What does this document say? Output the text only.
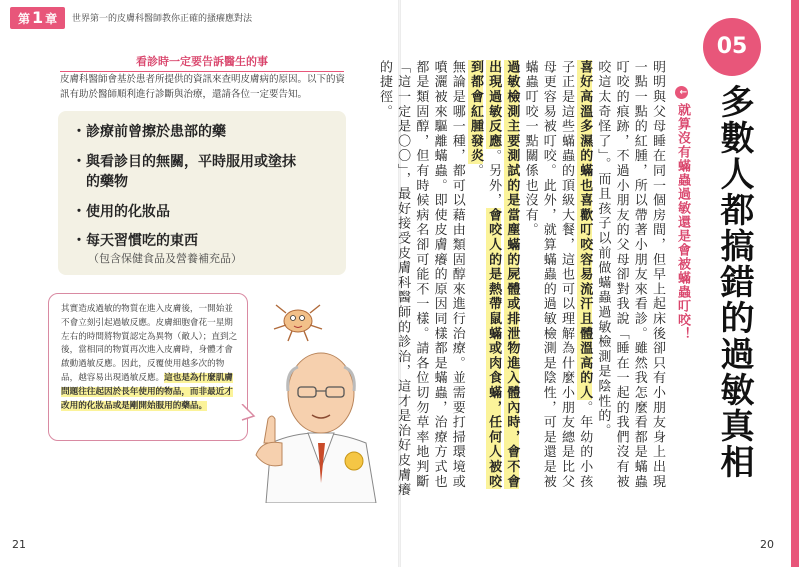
第 1 章	世界第一的皮膚科醫師教你正確的搔癢應對法
看診時一定要告訴醫生的事
皮膚科醫師會基於患者所提供的資訊來查明皮膚病的原因。以下的資訊有助於醫師順利進行診斷與治療，還請各位一定要告知。
・診療前曾擦於患部的藥
・與看診目的無關，平時服用或塗抹
的藥物
・使用的化妝品
・每天習慣吃的東西
（包含保健食品及營養補充品）
其實造成過敏的物質在進入皮膚後，一開始並不會立刻引起過敏反應。皮膚細胞會花一星期左右的時間將物質認定為異物（敵人）；直到之後，當相同的物質再次進入皮膚時，身體才會啟動過敏反應。因此，反覆使用越多次的物品，越容易出現過敏反應。這也是為什麼肌膚問題往往起因於長年使用的物品，而非最近才改用的化妝品或是剛開始服用的藥品。
21
05
多數人都搞錯的過敏真相
↓就算沒有蟎蟲過敏還是會被蟎蟲叮咬！
明明與父母睡在同一個房間，但早上起床後卻只有小朋友身上出現一點一點的紅腫，所以帶著小朋友來看診。雖然我怎麼看都是蟎蟲叮咬的痕跡，不過小朋友的父母卻對我說「睡在一起的我們沒有被咬這太奇怪了」。而且孩子以前做蟎蟲過敏檢測是陰性的。
喜好高溫多濕的蟎也喜歡叮咬容易流汗且體溫高的人。年幼的小孩子正是這些蟎蟲的頂級大餐，這也可以理解為什麼小朋友總是比父母更容易被叮咬。此外，就算蟎蟲的過敏檢測是陰性，可是還是被蟎蟲叮咬一點關係也沒有。
過敏檢測主要測試的是當塵蟎的屍體或排泄物進入體內時，會不會出現過敏反應。另外，會咬人的是熱帶鼠蟎或肉食蟎，任何人被咬到都會紅腫發炎。
無論是哪一種，都可以藉由類固醇來進行治療。並需要打掃環境或噴灑被來驅離蟎蟲。即使皮膚癢的原因同樣都是蟎蟲，治療方式也都是類固醇，但有時候病名卻可能不一樣。請各位切勿草率地判斷「這一定是〇〇」，最好接受皮膚科醫師的診治，這才是治好皮膚癢的捷徑。
20
